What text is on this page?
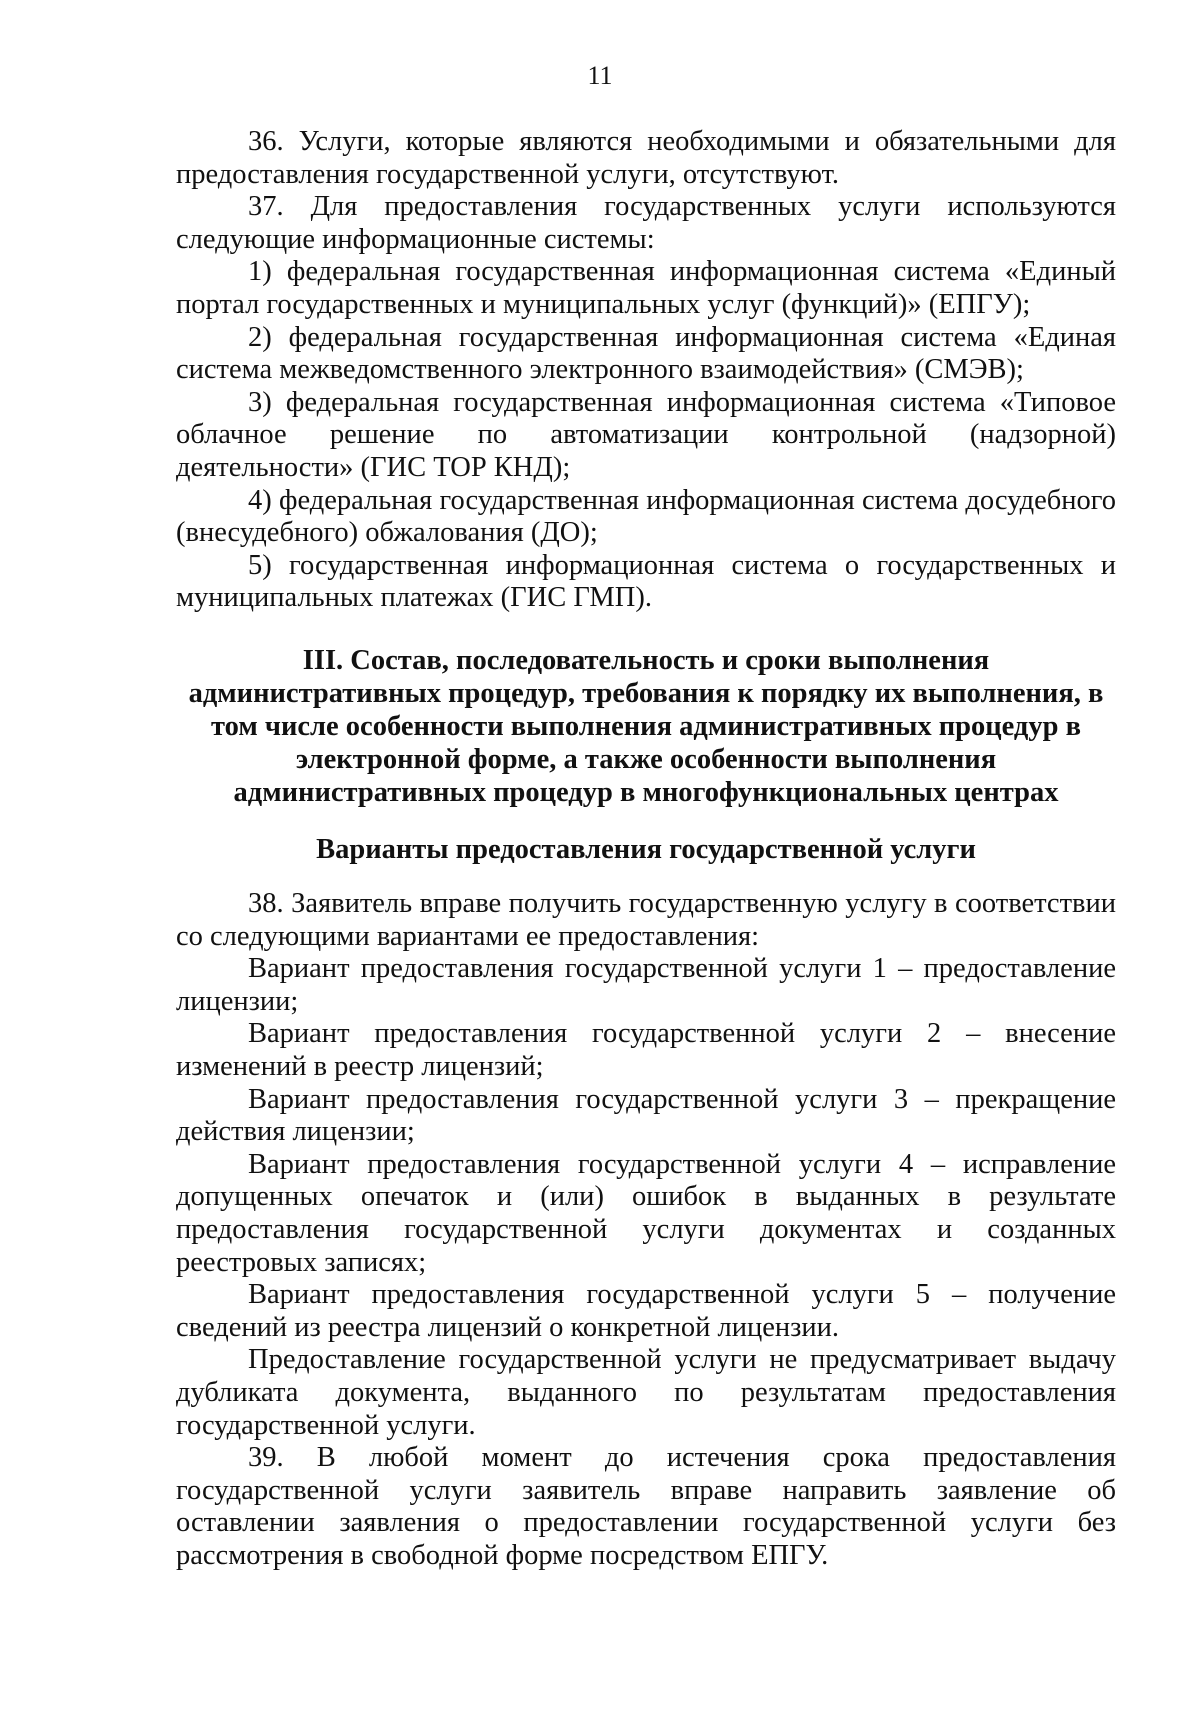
11

36. Услуги, которые являются необходимыми и обязательными для предоставления государственной услуги, отсутствуют.

37. Для предоставления государственных услуги используются следующие информационные системы:

1) федеральная государственная информационная система «Единый портал государственных и муниципальных услуг (функций)» (ЕПГУ);

2) федеральная государственная информационная система «Единая система межведомственного электронного взаимодействия» (СМЭВ);

3) федеральная государственная информационная система «Типовое облачное решение по автоматизации контрольной (надзорной) деятельности» (ГИС ТОР КНД);

4) федеральная государственная информационная система досудебного (внесудебного) обжалования (ДО);

5) государственная информационная система о государственных и муниципальных платежах (ГИС ГМП).

III. Состав, последовательность и сроки выполнения
административных процедур, требования к порядку их выполнения, в
том числе особенности выполнения административных процедур в
электронной форме, а также особенности выполнения
административных процедур в многофункциональных центрах
Варианты предоставления государственной услуги

38. Заявитель вправе получить государственную услугу в соответствии со следующими вариантами ее предоставления:

Вариант предоставления государственной услуги 1 – предоставление лицензии;

Вариант предоставления государственной услуги 2 – внесение изменений в реестр лицензий;

Вариант предоставления государственной услуги 3 – прекращение действия лицензии;

Вариант предоставления государственной услуги 4 – исправление допущенных опечаток и (или) ошибок в выданных в результате предоставления государственной услуги документах и созданных реестровых записях;

Вариант предоставления государственной услуги 5 – получение сведений из реестра лицензий о конкретной лицензии.

Предоставление государственной услуги не предусматривает выдачу дубликата документа, выданного по результатам предоставления государственной услуги.

39. В любой момент до истечения срока предоставления государственной услуги заявитель вправе направить заявление об оставлении заявления о предоставлении государственной услуги без рассмотрения в свободной форме посредством ЕПГУ.
